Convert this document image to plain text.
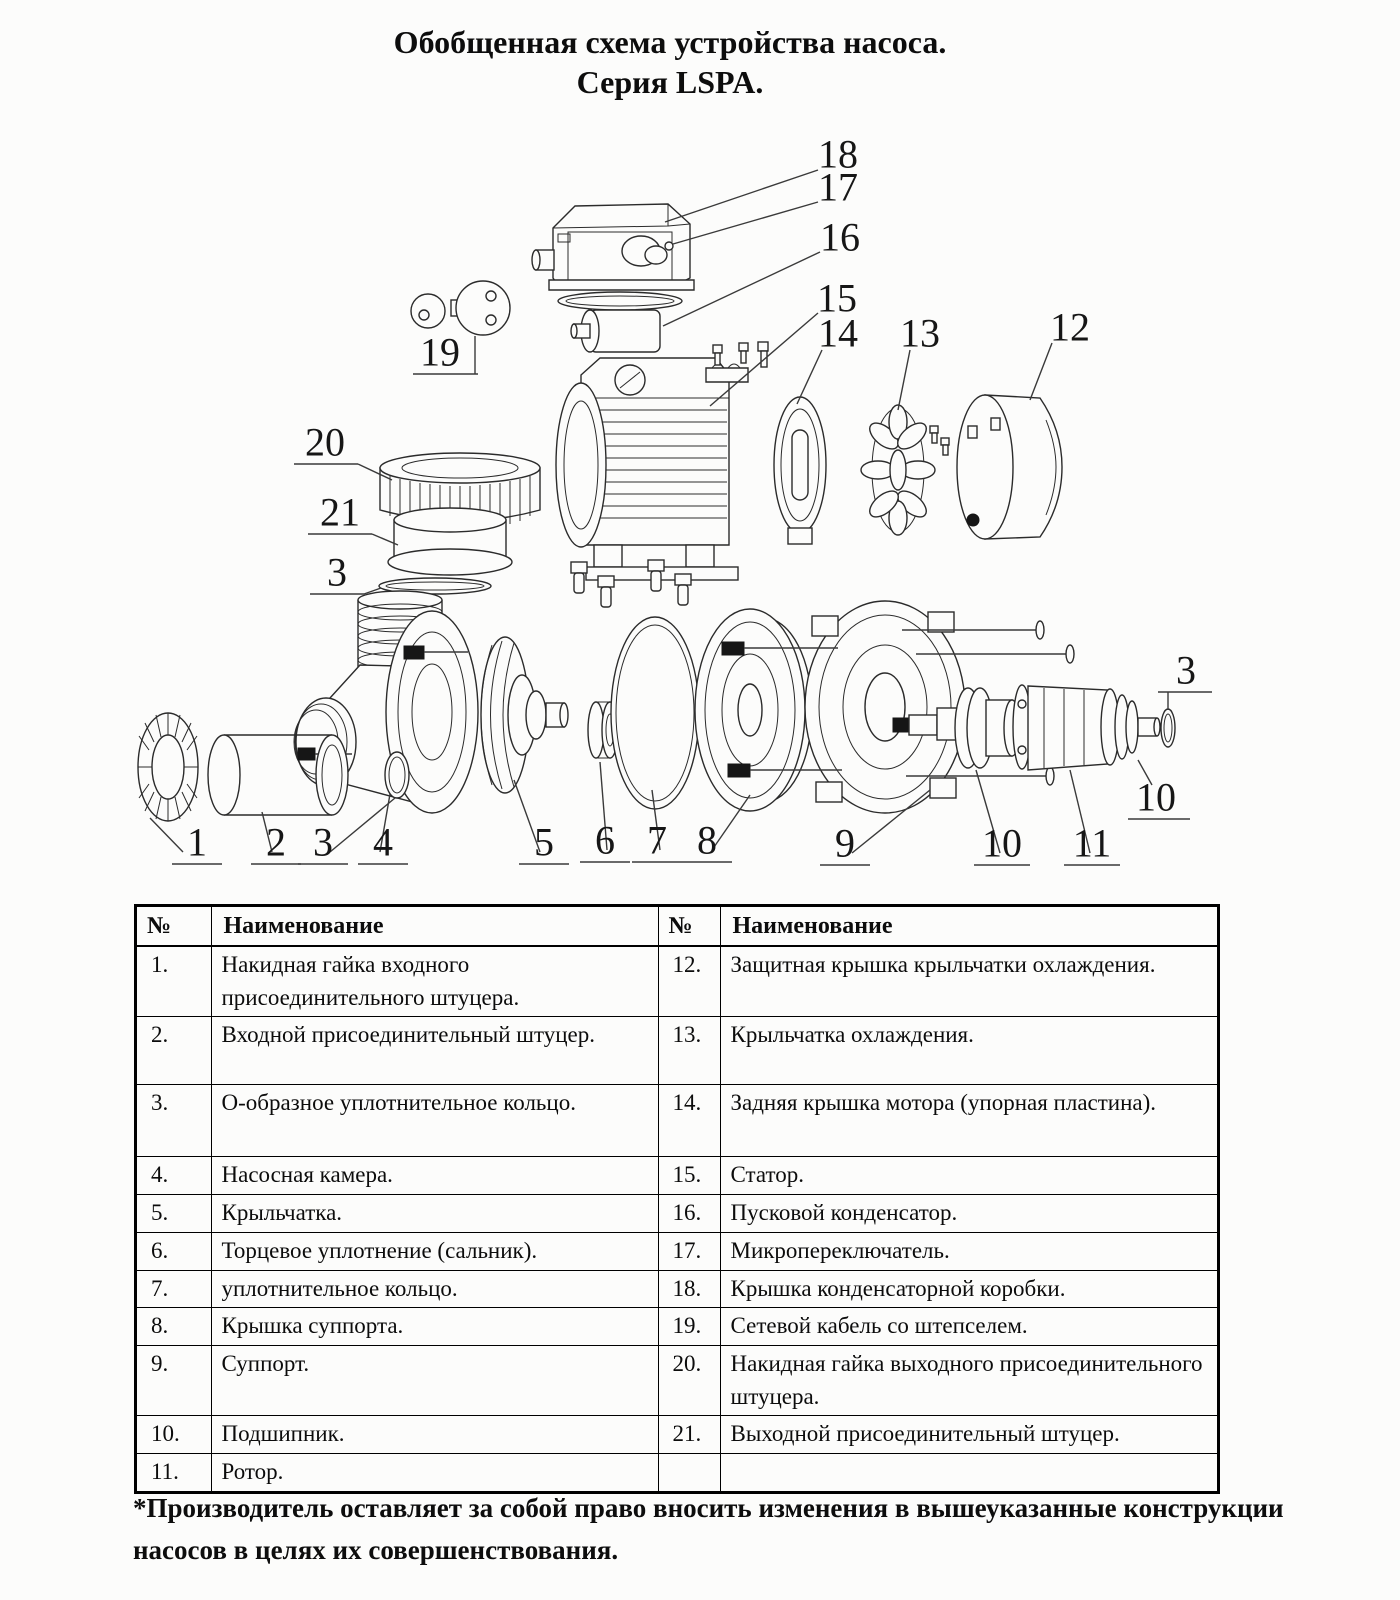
Обобщенная схема устройства насоса.
Серия LSPA.
1 2 3 4	5 6 7 8	9	10 11
10
3
19
20
21
3
18
17
16
15
14 13	12
№	Наименование	№	Наименование
1.	Накидная гайка входного присоединительного штуцера.	12.	Защитная крышка крыльчатки охлаждения.
2.	Входной присоединительный штуцер.	13.	Крыльчатка охлаждения.
3.	О-образное уплотнительное кольцо.	14.	Задняя крышка мотора (упорная пластина).
4.	Насосная камера.	15.	Статор.
5.	Крыльчатка.	16.	Пусковой конденсатор.
6.	Торцевое уплотнение (сальник).	17.	Микропереключатель.
7.	уплотнительное кольцо.	18.	Крышка конденсаторной коробки.
8.	Крышка суппорта.	19.	Сетевой кабель со штепселем.
9.	Суппорт.	20.	Накидная гайка выходного присоединительного штуцера.
10.	Подшипник.	21.	Выходной присоединительный штуцер.
11.	Ротор.		
*Производитель оставляет за собой право вносить изменения в вышеуказанные конструкции насосов в целях их совершенствования.
